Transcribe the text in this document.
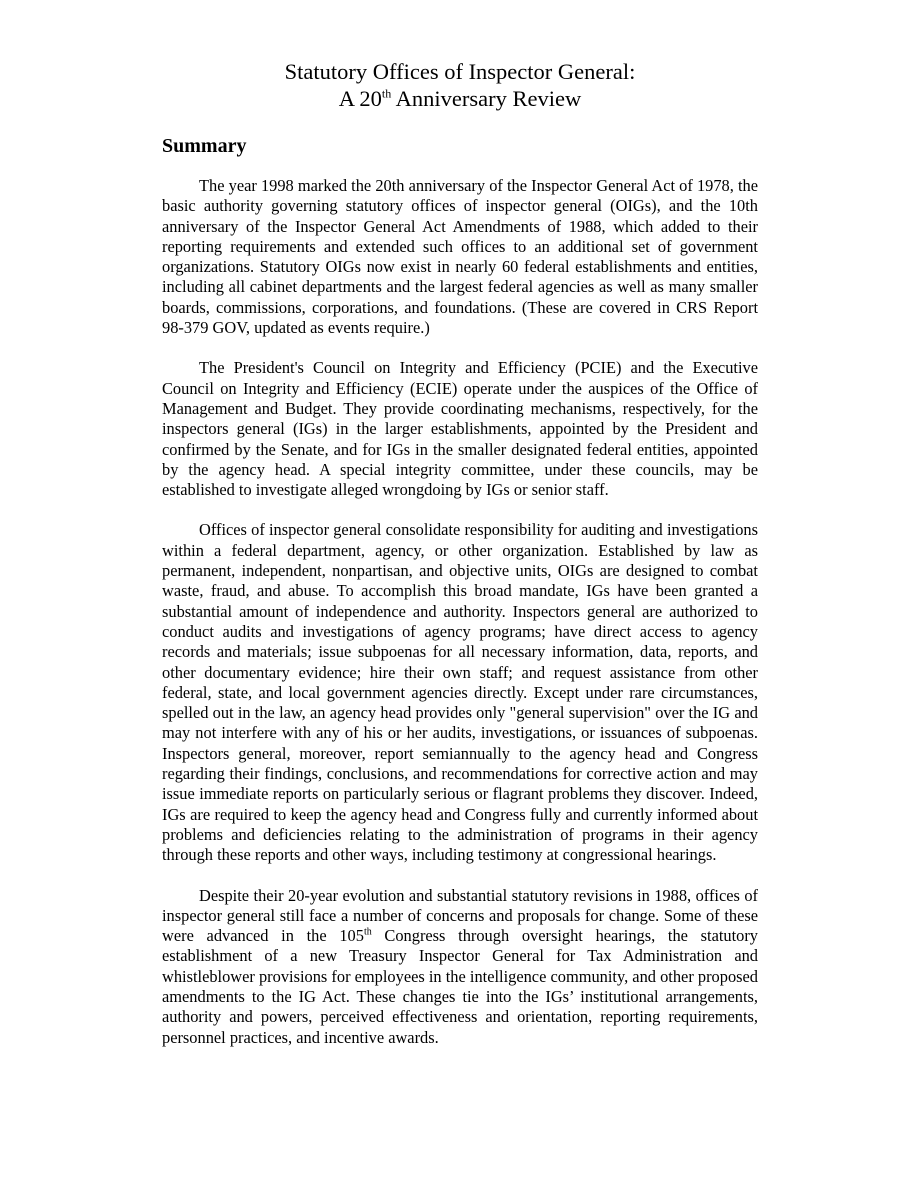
Statutory Offices of Inspector General:
A 20th Anniversary Review
Summary

The year 1998 marked the 20th anniversary of the Inspector General Act of 1978, the basic authority governing statutory offices of inspector general (OIGs), and the 10th anniversary of the Inspector General Act Amendments of 1988, which added to their reporting requirements and extended such offices to an additional set of government organizations. Statutory OIGs now exist in nearly 60 federal establishments and entities, including all cabinet departments and the largest federal agencies as well as many smaller boards, commissions, corporations, and foundations. (These are covered in CRS Report 98-379 GOV, updated as events require.)

The President's Council on Integrity and Efficiency (PCIE) and the Executive Council on Integrity and Efficiency (ECIE) operate under the auspices of the Office of Management and Budget. They provide coordinating mechanisms, respectively, for the inspectors general (IGs) in the larger establishments, appointed by the President and confirmed by the Senate, and for IGs in the smaller designated federal entities, appointed by the agency head. A special integrity committee, under these councils, may be established to investigate alleged wrongdoing by IGs or senior staff.

Offices of inspector general consolidate responsibility for auditing and investigations within a federal department, agency, or other organization. Established by law as permanent, independent, nonpartisan, and objective units, OIGs are designed to combat waste, fraud, and abuse. To accomplish this broad mandate, IGs have been granted a substantial amount of independence and authority. Inspectors general are authorized to conduct audits and investigations of agency programs; have direct access to agency records and materials; issue subpoenas for all necessary information, data, reports, and other documentary evidence; hire their own staff; and request assistance from other federal, state, and local government agencies directly. Except under rare circumstances, spelled out in the law, an agency head provides only "general supervision" over the IG and may not interfere with any of his or her audits, investigations, or issuances of subpoenas. Inspectors general, moreover, report semiannually to the agency head and Congress regarding their findings, conclusions, and recommendations for corrective action and may issue immediate reports on particularly serious or flagrant problems they discover. Indeed, IGs are required to keep the agency head and Congress fully and currently informed about problems and deficiencies relating to the administration of programs in their agency through these reports and other ways, including testimony at congressional hearings.

Despite their 20-year evolution and substantial statutory revisions in 1988, offices of inspector general still face a number of concerns and proposals for change. Some of these were advanced in the 105th Congress through oversight hearings, the statutory establishment of a new Treasury Inspector General for Tax Administration and whistleblower provisions for employees in the intelligence community, and other proposed amendments to the IG Act. These changes tie into the IGs’ institutional arrangements, authority and powers, perceived effectiveness and orientation, reporting requirements, personnel practices, and incentive awards.
